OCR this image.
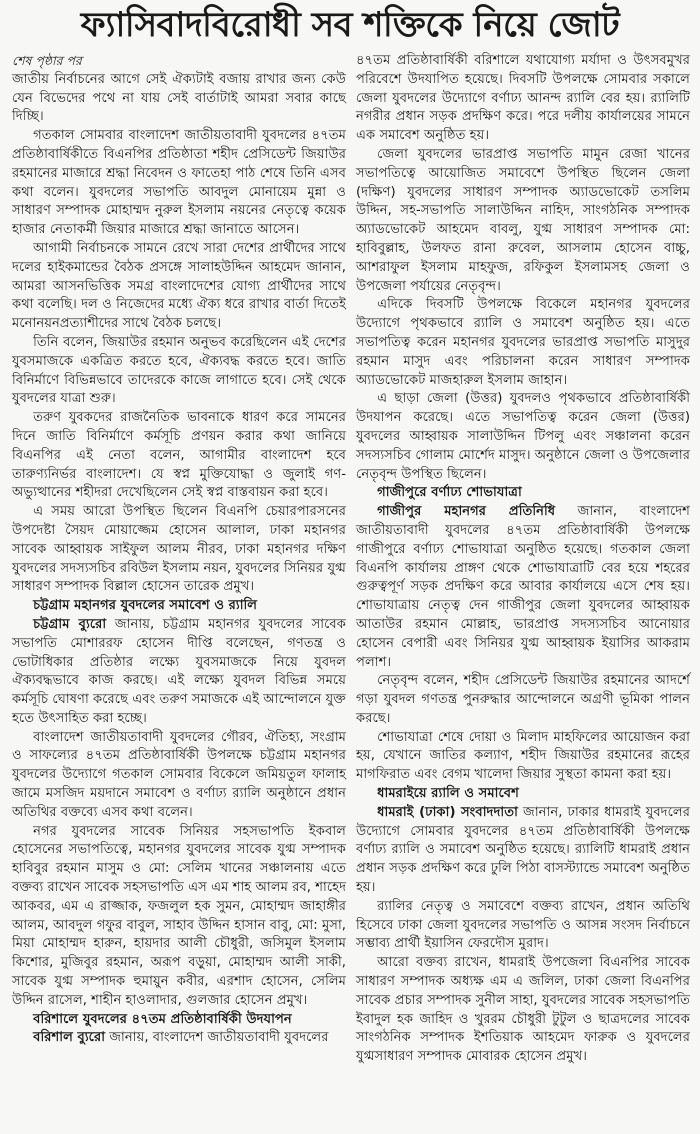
ফ্যাসিবাদবিরোধী সব শক্তিকে নিয়ে জোট

শেষ পৃষ্ঠার পর

জাতীয় নির্বাচনের আগে সেই ঐক্যটাই বজায় রাখার জন্য কেউ যেন বিভেদের পথে না যায় সেই বার্তাটাই আমরা সবার কাছে দিচ্ছি।

গতকাল সোমবার বাংলাদেশ জাতীয়তাবাদী যুবদলের ৪৭তম প্রতিষ্ঠাবার্ষিকীতে বিএনপির প্রতিষ্ঠাতা শহীদ প্রেসিডেন্ট জিয়াউর রহমানের মাজারে শ্রদ্ধা নিবেদন ও ফাতেহা পাঠ শেষে তিনি এসব কথা বলেন। যুবদলের সভাপতি আবদুল মোনায়েম মুন্না ও সাধারণ সম্পাদক মোহাম্মদ নুরুল ইসলাম নয়নের নেতৃত্বে কয়েক হাজার নেতাকর্মী জিয়ার মাজারে শ্রদ্ধা জানাতে আসেন।

আগামী নির্বাচনকে সামনে রেখে সারা দেশের প্রার্থীদের সাথে দলের হাইকমান্ডের বৈঠক প্রসঙ্গে সালাহউদ্দিন আহমেদ জানান, আমরা আসনভিত্তিক সমগ্র বাংলাদেশের যোগ্য প্রার্থীদের সাথে কথা বলেছি। দল ও নিজেদের মধ্যে ঐক্য ধরে রাখার বার্তা দিতেই মনোনয়নপ্রত্যাশীদের সাথে বৈঠক চলছে।

তিনি বলেন, জিয়াউর রহমান অনুভব করেছিলেন এই দেশের যুবসমাজকে একত্রিত করতে হবে, ঐক্যবদ্ধ করতে হবে। জাতি বিনির্মাণে বিভিন্নভাবে তাদেরকে কাজে লাগাতে হবে। সেই থেকে যুবদলের যাত্রা শুরু।

তরুণ যুবকদের রাজনৈতিক ভাবনাকে ধারণ করে সামনের দিনে জাতি বিনির্মাণে কর্মসূচি প্রণয়ন করার কথা জানিয়ে বিএনপির এই নেতা বলেন, আগামীর বাংলাদেশ হবে তারুণ্যনির্ভর বাংলাদেশ। যে স্বপ্ন মুক্তিযোদ্ধা ও জুলাই গণ-অভ্যুত্থানের শহীদরা দেখেছিলেন সেই স্বপ্ন বাস্তবায়ন করা হবে।

এ সময় আরো উপস্থিত ছিলেন বিএনপি চেয়ারপারসনের উপদেষ্টা সৈয়দ মোয়াজ্জেম হোসেন আলাল, ঢাকা মহানগর সাবেক আহ্বায়ক সাইফুল আলম নীরব, ঢাকা মহানগর দক্ষিণ যুবদলের সদস্যসচিব রবিউল ইসলাম নয়ন, যুবদলের সিনিয়র যুগ্ম সাধারণ সম্পাদক বিল্লাল হোসেন তারেক প্রমুখ।

চট্টগ্রাম মহানগর যুবদলের সমাবেশ ও র‌্যালি

চট্টগ্রাম ব্যুরো জানায়, চট্টগ্রাম মহানগর যুবদলের সাবেক সভাপতি মোশাররফ হোসেন দীপ্তি বলেছেন, গণতন্ত্র ও ভোটাধিকার প্রতিষ্ঠার লক্ষ্যে যুবসমাজকে নিয়ে যুবদল ঐক্যবদ্ধভাবে কাজ করছে। এই লক্ষ্যে যুবদল বিভিন্ন সময়ে কর্মসূচি ঘোষণা করেছে এবং তরুণ সমাজকে এই আন্দোলনে যুক্ত হতে উৎসাহিত করা হচ্ছে।

বাংলাদেশ জাতীয়তাবাদী যুবদলের গৌরব, ঐতিহ্য, সংগ্রাম ও সাফল্যের ৪৭তম প্রতিষ্ঠাবার্ষিকী উপলক্ষে চট্টগ্রাম মহানগর যুবদলের উদ্যোগে গতকাল সোমবার বিকেলে জমিয়তুল ফালাহ জামে মসজিদ ময়দানে সমাবেশ ও বর্ণাঢ্য র‌্যালি অনুষ্ঠানে প্রধান অতিথির বক্তব্যে এসব কথা বলেন।

নগর যুবদলের সাবেক সিনিয়র সহসভাপতি ইকবাল হোসেনের সভাপতিত্বে, মহানগর যুবদলের সাবেক যুগ্ম সম্পাদক হাবিবুর রহমান মাসুম ও মো: সেলিম খানের সঞ্চালনায় এতে বক্তব্য রাখেন সাবেক সহসভাপতি এস এম শাহ আলম রব, শাহেদ আকবর, এম এ রাজ্জাক, ফজলুল হক সুমন, মোহাম্মদ জাহাঙ্গীর আলম, আবদুল গফুর বাবুল, সাহাব উদ্দিন হাসান বাবু, মো: মুসা, মিয়া মোহাম্মদ হারুন, হায়দার আলী চৌধুরী, জসিমুল ইসলাম কিশোর, মুজিবুর রহমান, অরূপ বড়ুয়া, মোহাম্মদ আলী সাকী, সাবেক যুগ্ম সম্পাদক হুমায়ুন কবীর, এরশাদ হোসেন, সেলিম উদ্দিন রাসেল, শাহীন হাওলাদার, গুলজার হোসেন প্রমুখ।

বরিশালে যুবদলের ৪৭তম প্রতিষ্ঠাবার্ষিকী উদযাপন

বরিশাল ব্যুরো জানায়, বাংলাদেশ জাতীয়তাবাদী যুবদলের

৪৭তম প্রতিষ্ঠাবার্ষিকী বরিশালে যথাযোগ্য মর্যাদা ও উৎসবমুখর পরিবেশে উদযাপিত হয়েছে। দিবসটি উপলক্ষে সোমবার সকালে জেলা যুবদলের উদ্যোগে বর্ণাঢ্য আনন্দ র‌্যালি বের হয়। র‌্যালিটি নগরীর প্রধান সড়ক প্রদক্ষিণ করে। পরে দলীয় কার্যালয়ের সামনে এক সমাবেশ অনুষ্ঠিত হয়।

জেলা যুবদলের ভারপ্রাপ্ত সভাপতি মামুন রেজা খানের সভাপতিত্বে আয়োজিত সমাবেশে উপস্থিত ছিলেন জেলা (দক্ষিণ) যুবদলের সাধারণ সম্পাদক অ্যাডভোকেট তসলিম উদ্দিন, সহ-সভাপতি সালাউদ্দিন নাহিদ, সাংগঠনিক সম্পাদক অ্যাডভোকেট আহমেদ বাবলু, যুগ্ম সাধারণ সম্পাদক মো: হাবিবুল্লাহ, উলফত রানা রুবেল, আসলাম হোসেন বাচ্চু, আশরাফুল ইসলাম মাহফুজ, রফিকুল ইসলামসহ জেলা ও উপজেলা পর্যায়ের নেতৃবৃন্দ।

এদিকে দিবসটি উপলক্ষে বিকেলে মহানগর যুবদলের উদ্যোগে পৃথকভাবে র‌্যালি ও সমাবেশ অনুষ্ঠিত হয়। এতে সভাপতিত্ব করেন মহানগর যুবদলের ভারপ্রাপ্ত সভাপতি মাসুদুর রহমান মাসুদ এবং পরিচালনা করেন সাধারণ সম্পাদক অ্যাডভোকেট মাজহারুল ইসলাম জাহান।

এ ছাড়া জেলা (উত্তর) যুবদলও পৃথকভাবে প্রতিষ্ঠাবার্ষিকী উদযাপন করেছে। এতে সভাপতিত্ব করেন জেলা (উত্তর) যুবদলের আহ্বায়ক সালাউদ্দিন টিপলু এবং সঞ্চালনা করেন সদস্যসচিব গোলাম মোর্শেদ মাসুদ। অনুষ্ঠানে জেলা ও উপজেলার নেতৃবৃন্দ উপস্থিত ছিলেন।

গাজীপুরে বর্ণাঢ্য শোভাযাত্রা

গাজীপুর মহানগর প্রতিনিধি জানান, বাংলাদেশ জাতীয়তাবাদী যুবদলের ৪৭তম প্রতিষ্ঠাবার্ষিকী উপলক্ষে গাজীপুরে বর্ণাঢ্য শোভাযাত্রা অনুষ্ঠিত হয়েছে। গতকাল জেলা বিএনপি কার্যালয় প্রাঙ্গণ থেকে শোভাযাত্রাটি বের হয়ে শহরের গুরুত্বপূর্ণ সড়ক প্রদক্ষিণ করে আবার কার্যালয়ে এসে শেষ হয়। শোভাযাত্রায় নেতৃত্ব দেন গাজীপুর জেলা যুবদলের আহ্বায়ক আতাউর রহমান মোল্লাহ, ভারপ্রাপ্ত সদস্যসচিব আনোয়ার হোসেন বেপারী এবং সিনিয়র যুগ্ম আহ্বায়ক ইয়াসির আকরাম পলাশ।

নেতৃবৃন্দ বলেন, শহীদ প্রেসিডেন্ট জিয়াউর রহমানের আদর্শে গড়া যুবদল গণতন্ত্র পুনরুদ্ধার আন্দোলনে অগ্রণী ভূমিকা পালন করছে।

শোভাযাত্রা শেষে দোয়া ও মিলাদ মাহফিলের আয়োজন করা হয়, যেখানে জাতির কল্যাণ, শহীদ জিয়াউর রহমানের রূহের মাগফিরাত এবং বেগম খালেদা জিয়ার সুস্থতা কামনা করা হয়।

ধামরাইয়ে র‌্যালি ও সমাবেশ

ধামরাই (ঢাকা) সংবাদদাতা জানান, ঢাকার ধামরাই যুবদলের উদ্যোগে সোমবার যুবদলের ৪৭তম প্রতিষ্ঠাবার্ষিকী উপলক্ষে বর্ণাঢ্য র‌্যালি ও সমাবেশ অনুষ্ঠিত হয়েছে। র‌্যালিটি ধামরাই প্রধান প্রধান সড়ক প্রদক্ষিণ করে ঢুলি পিঠা বাসস্ট্যান্ডে সমাবেশ অনুষ্ঠিত হয়।

র‌্যালির নেতৃত্ব ও সমাবেশে বক্তব্য রাখেন, প্রধান অতিথি হিসেবে ঢাকা জেলা যুবদলের সভাপতি ও আসন্ন সংসদ নির্বাচনে সম্ভাব্য প্রার্থী ইয়াসিন ফেরদৌস মুরাদ।

আরো বক্তব্য রাখেন, ধামরাই উপজেলা বিএনপির সাবেক সাধারণ সম্পাদক অধ্যক্ষ এম এ জলিল, ঢাকা জেলা বিএনপির সাবেক প্রচার সম্পাদক সুনীল সাহা, যুবদলের সাবেক সহসভাপতি ইবাদুল হক জাহিদ ও খুররম চৌধুরী টুটুল ও ছাত্রদলের সাবেক সাংগঠনিক সম্পাদক ইশতিয়াক আহমেদ ফারুক ও যুবদলের যুগ্মসাধারণ সম্পাদক মোবারক হোসেন প্রমুখ।
